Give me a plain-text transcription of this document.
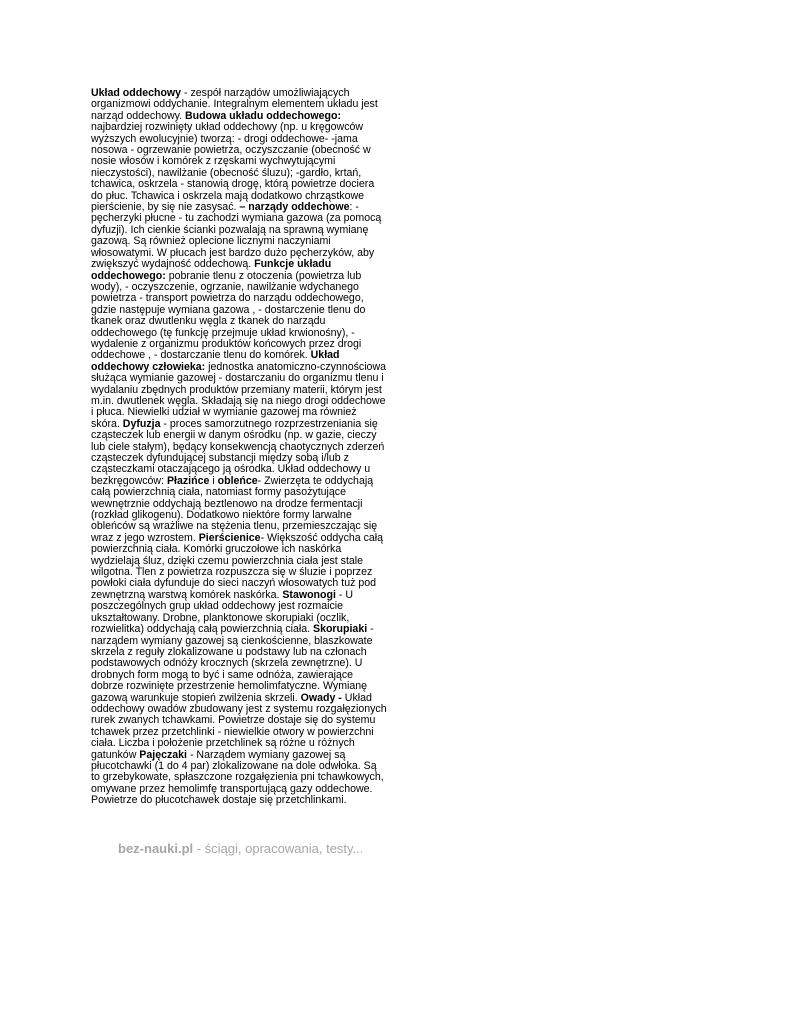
Układ oddechowy - zespół narządów umożliwiających organizmowi oddychanie. Integralnym elementem układu jest narząd oddechowy. Budowa układu oddechowego: najbardziej rozwinięty układ oddechowy (np. u kręgowców wyższych ewolucyjnie) tworzą: - drogi oddechowe- -jama nosowa - ogrzewanie powietrza, oczyszczanie (obecność w nosie włosów i komórek z rzęskami wychwytującymi nieczystości), nawilżanie (obecność śluzu); -gardło, krtań, tchawica, oskrzela - stanowią drogę, którą powietrze dociera do płuc. Tchawica i oskrzela mają dodatkowo chrząstkowe pierścienie, by się nie zasysać. – narządy oddechowe: -pęcherzyki płucne - tu zachodzi wymiana gazowa (za pomocą dyfuzji). Ich cienkie ścianki pozwalają na sprawną wymianę gazową. Są również oplecione licznymi naczyniami włosowatymi. W płucach jest bardzo dużo pęcherzyków, aby zwiększyć wydajność oddechową. Funkcje układu oddechowego: pobranie tlenu z otoczenia (powietrza lub wody), - oczyszczenie, ogrzanie, nawilżanie wdychanego powietrza - transport powietrza do narządu oddechowego, gdzie następuje wymiana gazowa , - dostarczenie tlenu do tkanek oraz dwutlenku węgla z tkanek do narządu oddechowego (tę funkcję przejmuje układ krwionośny), - wydalenie z organizmu produktów końcowych przez drogi oddechowe , - dostarczanie tlenu do komórek. Układ oddechowy człowieka: jednostka anatomiczno-czynnościowa służąca wymianie gazowej - dostarczaniu do organizmu tlenu i wydalaniu zbędnych produktów przemiany materii, którym jest m.in. dwutlenek węgla. Składają się na niego drogi oddechowe i płuca. Niewielki udział w wymianie gazowej ma również skóra. Dyfuzja - proces samorzutnego rozprzestrzeniania się cząsteczek lub energii w danym ośrodku (np. w gazie, cieczy lub ciele stałym), będący konsekwencją chaotycznych zderzeń cząsteczek dyfundującej substancji między sobą i/lub z cząsteczkami otaczającego ją ośrodka. Układ oddechowy u bezkręgowców: Płazińce i obleńce- Zwierzęta te oddychają całą powierzchnią ciała, natomiast formy pasożytujące wewnętrznie oddychają beztlenowo na drodze fermentacji (rozkład glikogenu). Dodatkowo niektóre formy larwalne obleńców są wrażliwe na stężenia tlenu, przemieszczając się wraz z jego wzrostem. Pierścienice- Większość oddycha całą powierzchnią ciała. Komórki gruczołowe ich naskórka wydzielają śluz, dzięki czemu powierzchnia ciała jest stale wilgotna. Tlen z powietrza rozpuszcza się w śluzie i poprzez powłoki ciała dyfunduje do sieci naczyń włosowatych tuż pod zewnętrzną warstwą komórek naskórka. Stawonogi - U poszczególnych grup układ oddechowy jest rozmaicie ukształtowany. Drobne, planktonowe skorupiaki (oczlik, rozwielitka) oddychają całą powierzchnią ciała. Skorupiaki - narządem wymiany gazowej są cienkościenne, blaszkowate skrzela z reguły zlokalizowane u podstawy lub na członach podstawowych odnóży krocznych (skrzela zewnętrzne). U drobnych form mogą to być i same odnóża, zawierające dobrze rozwinięte przestrzenie hemolimfatyczne. Wymianę gazową warunkuje stopień zwilżenia skrzeli. Owady - Układ oddechowy owadów zbudowany jest z systemu rozgałęzionych rurek zwanych tchawkami. Powietrze dostaje się do systemu tchawek przez przetchlinki - niewielkie otwory w powierzchni ciała. Liczba i położenie przetchlinek są różne u różnych gatunków Pajęczaki - Narządem wymiany gazowej są płucotchawki (1 do 4 par) zlokalizowane na dole odwłoka. Są to grzebykowate, spłaszczone rozgałęzienia pni tchawkowych, omywane przez hemolimfę transportującą gazy oddechowe. Powietrze do płucotchawek dostaje się przetchlinkami.

bez-nauki.pl - ściągi, opracowania, testy...
